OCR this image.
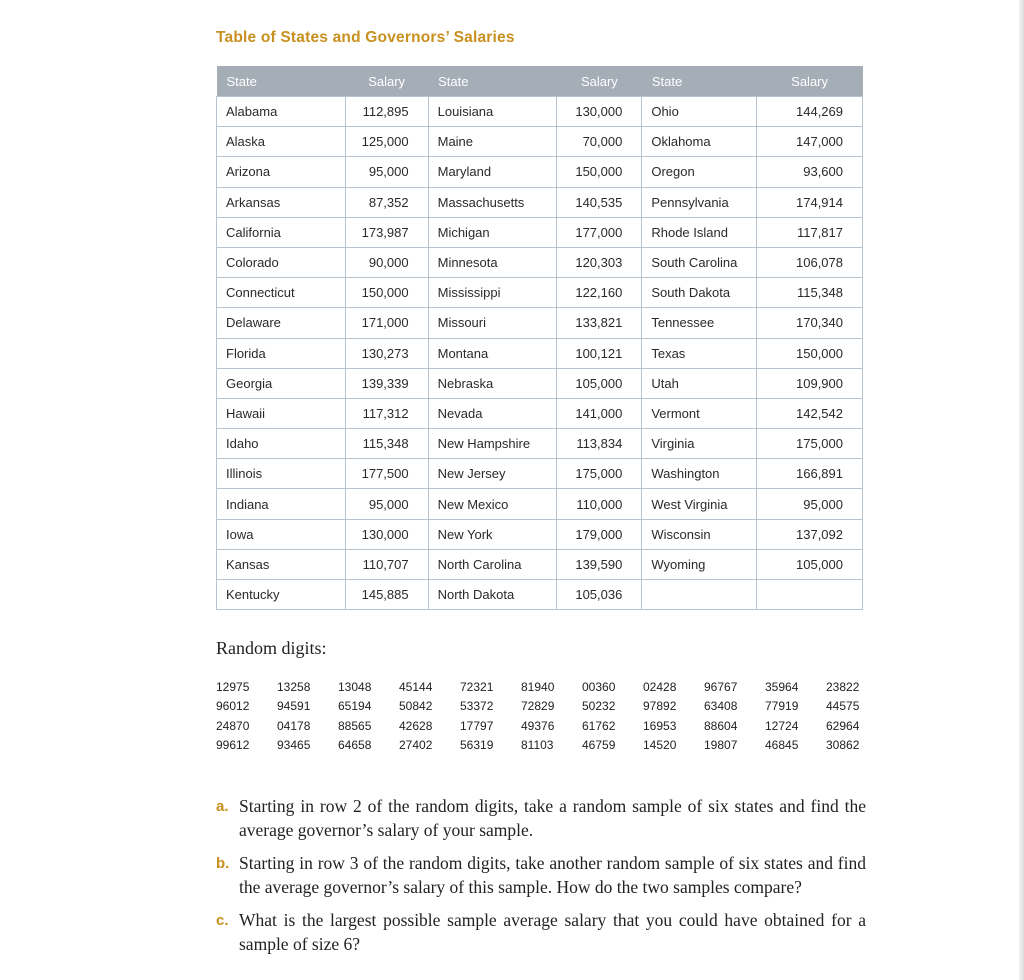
Table of States and Governors’ Salaries
State	Salary	State	Salary	State	Salary
Alabama	112,895	Louisiana	130,000	Ohio	144,269
Alaska	125,000	Maine	70,000	Oklahoma	147,000
Arizona	95,000	Maryland	150,000	Oregon	93,600
Arkansas	87,352	Massachusetts	140,535	Pennsylvania	174,914
California	173,987	Michigan	177,000	Rhode Island	117,817
Colorado	90,000	Minnesota	120,303	South Carolina	106,078
Connecticut	150,000	Mississippi	122,160	South Dakota	115,348
Delaware	171,000	Missouri	133,821	Tennessee	170,340
Florida	130,273	Montana	100,121	Texas	150,000
Georgia	139,339	Nebraska	105,000	Utah	109,900
Hawaii	117,312	Nevada	141,000	Vermont	142,542
Idaho	115,348	New Hampshire	113,834	Virginia	175,000
Illinois	177,500	New Jersey	175,000	Washington	166,891
Indiana	95,000	New Mexico	110,000	West Virginia	95,000
Iowa	130,000	New York	179,000	Wisconsin	137,092
Kansas	110,707	North Carolina	139,590	Wyoming	105,000
Kentucky	145,885	North Dakota	105,036		
Random digits:
12975 13258 13048 45144 72321 81940 00360 02428 96767 35964 23822
96012 94591 65194 50842 53372 72829 50232 97892 63408 77919 44575
24870 04178 88565 42628 17797 49376 61762 16953 88604 12724 62964
99612 93465 64658 27402 56319 81103 46759 14520 19807 46845 30862
a. Starting in row 2 of the random digits, take a random sample of six states and find the average governor’s salary of your sample.
b. Starting in row 3 of the random digits, take another random sample of six states and find the average governor’s salary of this sample. How do the two samples compare?
c. What is the largest possible sample average salary that you could have obtained for a sample of size 6?
